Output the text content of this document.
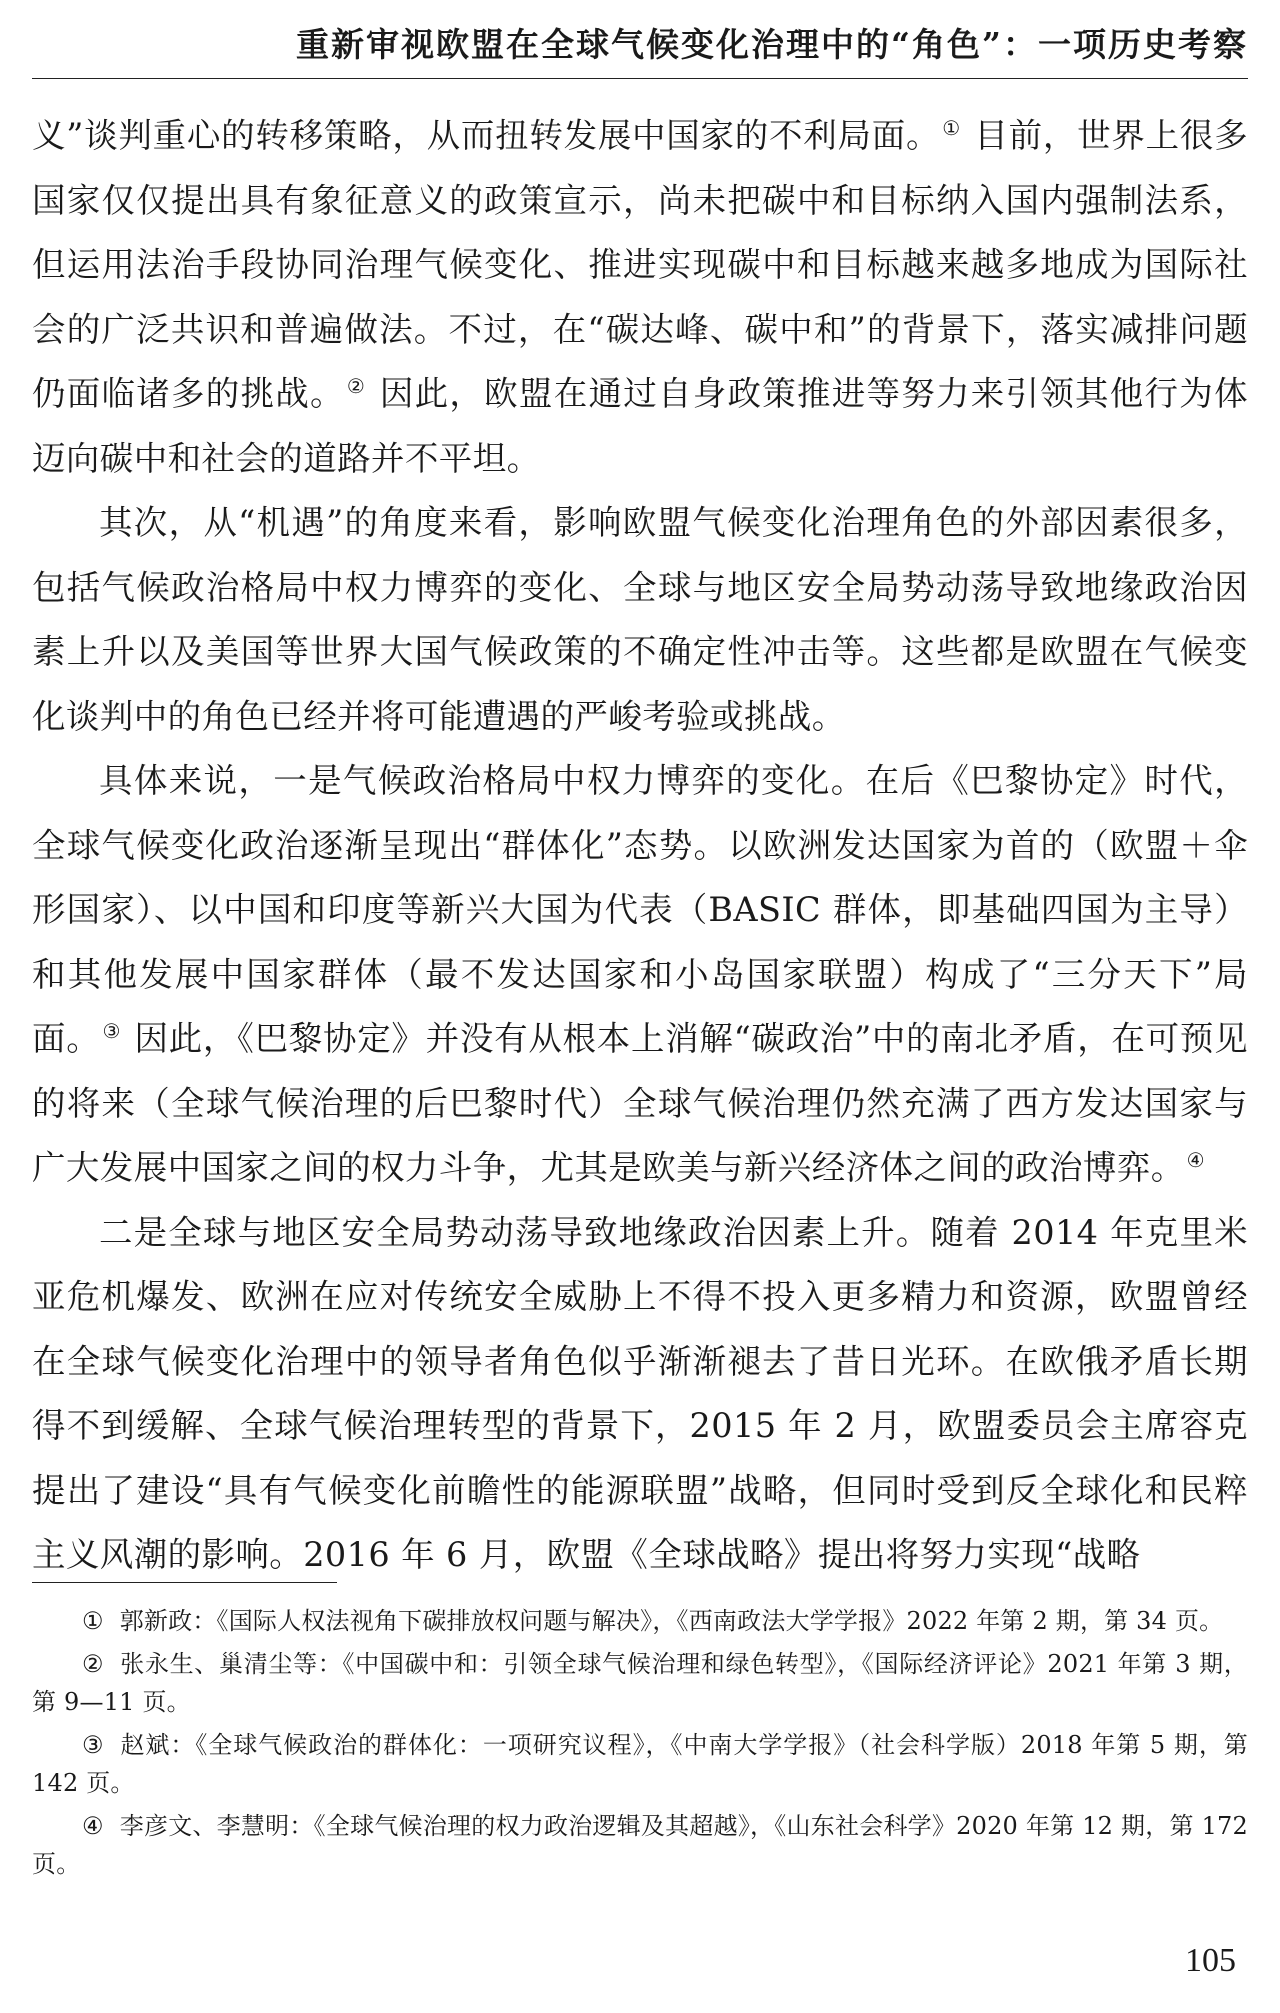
重新审视欧盟在全球气候变化治理中的“角色”：一项历史考察

义”谈判重心的转移策略，从而扭转发展中国家的不利局面。 ① 目前，世界上很多国家仅仅提出具有象征意义的政策宣示，尚未把碳中和目标纳入国内强制法系，但运用法治手段协同治理气候变化、推进实现碳中和目标越来越多地成为国际社会的广泛共识和普遍做法。不过，在“碳达峰、碳中和”的背景下，落实减排问题仍面临诸多的挑战。 ② 因此，欧盟在通过自身政策推进等努力来引领其他行为体迈向碳中和社会的道路并不平坦。

其次，从“机遇”的角度来看，影响欧盟气候变化治理角色的外部因素很多，包括气候政治格局中权力博弈的变化、全球与地区安全局势动荡导致地缘政治因素上升以及美国等世界大国气候政策的不确定性冲击等。这些都是欧盟在气候变化谈判中的角色已经并将可能遭遇的严峻考验或挑战。

具体来说，一是气候政治格局中权力博弈的变化。在后《巴黎协定》时代，全球气候变化政治逐渐呈现出“群体化”态势。以欧洲发达国家为首的（欧盟＋伞形国家）、以中国和印度等新兴大国为代表（BASIC 群体，即基础四国为主导）和其他发展中国家群体（最不发达国家和小岛国家联盟）构成了“三分天下”局面。 ③ 因此，《巴黎协定》并没有从根本上消解“碳政治”中的南北矛盾，在可预见的将来（全球气候治理的后巴黎时代）全球气候治理仍然充满了西方发达国家与广大发展中国家之间的权力斗争，尤其是欧美与新兴经济体之间的政治博弈。 ④

二是全球与地区安全局势动荡导致地缘政治因素上升。随着 2014 年克里米亚危机爆发、欧洲在应对传统安全威胁上不得不投入更多精力和资源，欧盟曾经在全球气候变化治理中的领导者角色似乎渐渐褪去了昔日光环。在欧俄矛盾长期得不到缓解、全球气候治理转型的背景下，2015 年 2 月，欧盟委员会主席容克提出了建设“具有气候变化前瞻性的能源联盟”战略，但同时受到反全球化和民粹主义风潮的影响。2016 年 6 月，欧盟《全球战略》提出将努力实现“战略

① 郭新政：《国际人权法视角下碳排放权问题与解决》，《西南政法大学学报》2022 年第 2 期，第 34 页。

② 张永生、巢清尘等：《中国碳中和：引领全球气候治理和绿色转型》，《国际经济评论》2021 年第 3 期，第 9—11 页。

③ 赵斌：《全球气候政治的群体化：一项研究议程》，《中南大学学报》（社会科学版）2018 年第 5 期，第 142 页。

④ 李彦文、李慧明：《全球气候治理的权力政治逻辑及其超越》，《山东社会科学》2020 年第 12 期，第 172 页。

105
